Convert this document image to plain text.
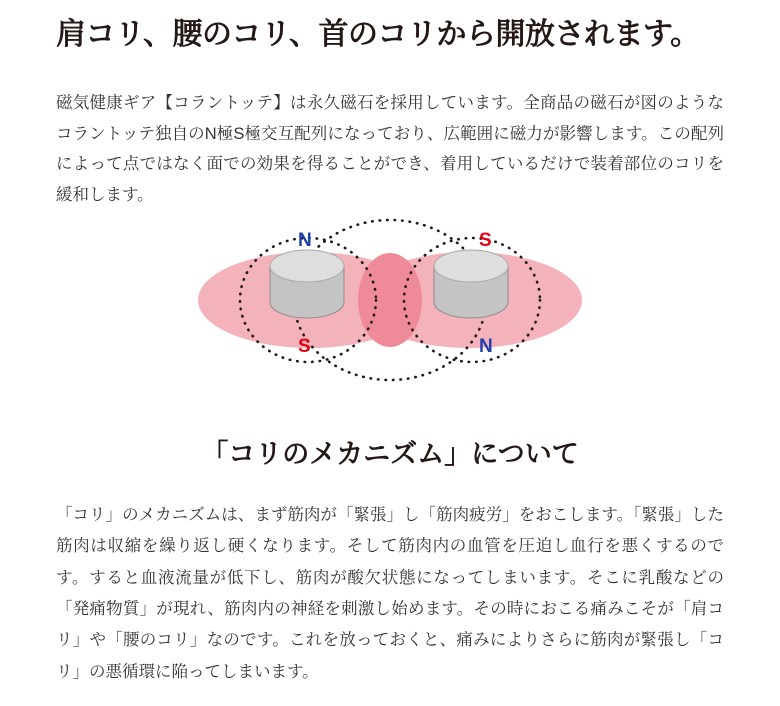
肩コリ、腰のコリ、首のコリから開放されます。
磁気健康ギア【コラントッテ】は永久磁石を採用しています。全商品の磁石が図のようなコラントッテ独自のN極S極交互配列になっており、広範囲に磁力が影響します。この配列によって点ではなく面での効果を得ることができ、着用しているだけで装着部位のコリを緩和します。
N	S
S	N
「コリのメカニズム」について
「コリ」のメカニズムは、まず筋肉が「緊張」し「筋肉疲労」をおこします。「緊張」した筋肉は収縮を繰り返し硬くなります。そして筋肉内の血管を圧迫し血行を悪くするのです。すると血液流量が低下し、筋肉が酸欠状態になってしまいます。そこに乳酸などの「発痛物質」が現れ、筋肉内の神経を刺激し始めます。その時におこる痛みこそが「肩コリ」や「腰のコリ」なのです。これを放っておくと、痛みによりさらに筋肉が緊張し「コリ」の悪循環に陥ってしまいます。
